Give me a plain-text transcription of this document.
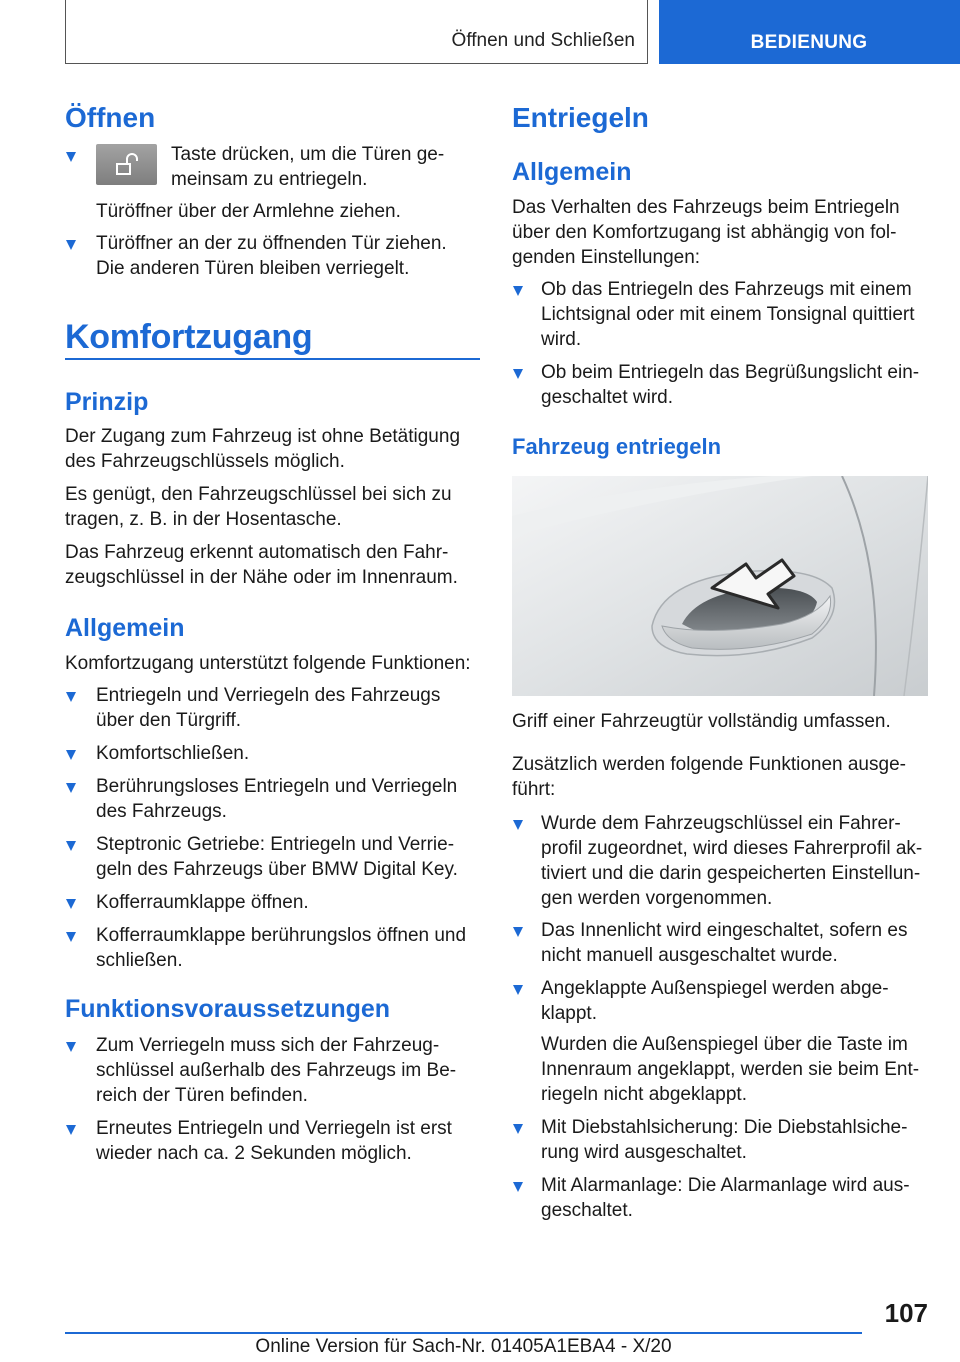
Öffnen und Schließen	BEDIENUNG
Öffnen
Taste drücken, um die Türen ge-
meinsam zu entriegeln.
Türöffner über der Armlehne ziehen.
Türöffner an der zu öffnenden Tür ziehen.
Die anderen Türen bleiben verriegelt.
Komfortzugang
Prinzip
Der Zugang zum Fahrzeug ist ohne Betätigung
des Fahrzeugschlüssels möglich.
Es genügt, den Fahrzeugschlüssel bei sich zu
tragen, z. B. in der Hosentasche.
Das Fahrzeug erkennt automatisch den Fahr-
zeugschlüssel in der Nähe oder im Innenraum.
Allgemein
Komfortzugang unterstützt folgende Funktionen:
Entriegeln und Verriegeln des Fahrzeugs
über den Türgriff.
Komfortschließen.
Berührungsloses Entriegeln und Verriegeln
des Fahrzeugs.
Steptronic Getriebe: Entriegeln und Verrie-
geln des Fahrzeugs über BMW Digital Key.
Kofferraumklappe öffnen.
Kofferraumklappe berührungslos öffnen und
schließen.
Funktionsvoraussetzungen
Zum Verriegeln muss sich der Fahrzeug-
schlüssel außerhalb des Fahrzeugs im Be-
reich der Türen befinden.
Erneutes Entriegeln und Verriegeln ist erst
wieder nach ca. 2 Sekunden möglich.
Entriegeln
Allgemein
Das Verhalten des Fahrzeugs beim Entriegeln
über den Komfortzugang ist abhängig von fol-
genden Einstellungen:
Ob das Entriegeln des Fahrzeugs mit einem
Lichtsignal oder mit einem Tonsignal quittiert
wird.
Ob beim Entriegeln das Begrüßungslicht ein-
geschaltet wird.
Fahrzeug entriegeln
Griff einer Fahrzeugtür vollständig umfassen.
Zusätzlich werden folgende Funktionen ausge-
führt:
Wurde dem Fahrzeugschlüssel ein Fahrer-
profil zugeordnet, wird dieses Fahrerprofil ak-
tiviert und die darin gespeicherten Einstellun-
gen werden vorgenommen.
Das Innenlicht wird eingeschaltet, sofern es
nicht manuell ausgeschaltet wurde.
Angeklappte Außenspiegel werden abge-
klappt.
Wurden die Außenspiegel über die Taste im
Innenraum angeklappt, werden sie beim Ent-
riegeln nicht abgeklappt.
Mit Diebstahlsicherung: Die Diebstahlsiche-
rung wird ausgeschaltet.
Mit Alarmanlage: Die Alarmanlage wird aus-
geschaltet.
107
Online Version für Sach-Nr. 01405A1EBA4 - X/20
